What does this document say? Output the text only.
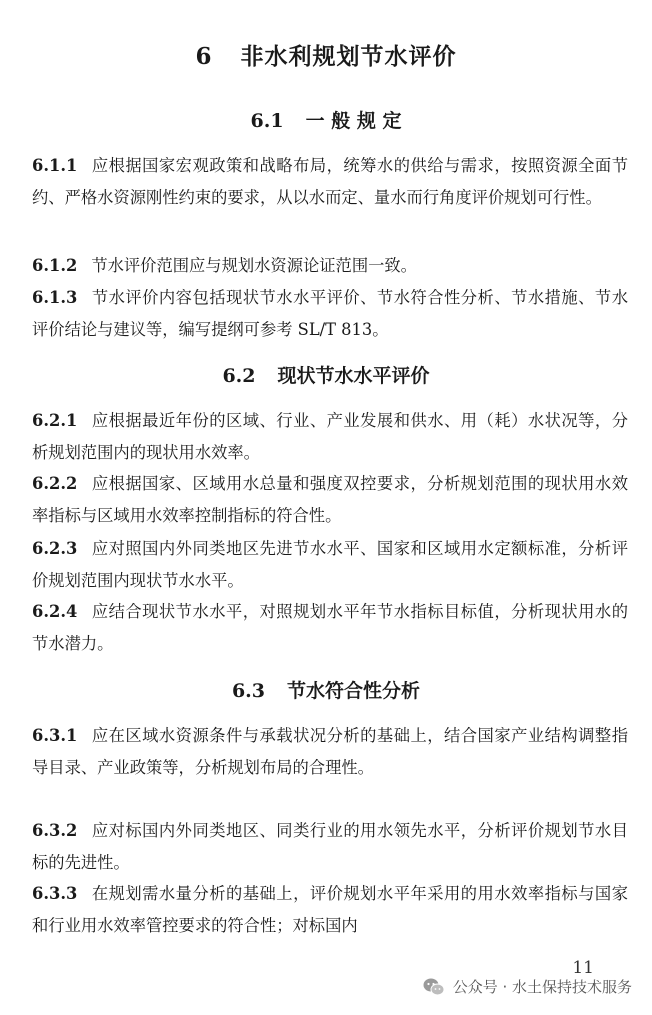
6 非水利规划节水评价
6.1 一 般 规 定
6.1.1 应根据国家宏观政策和战略布局，统筹水的供给与需求，按照资源全面节约、严格水资源刚性约束的要求，从以水而定、量水而行角度评价规划可行性。
6.1.2 节水评价范围应与规划水资源论证范围一致。
6.1.3 节水评价内容包括现状节水水平评价、节水符合性分析、节水措施、节水评价结论与建议等，编写提纲可参考 SL/T 813。
6.2 现状节水水平评价
6.2.1 应根据最近年份的区域、行业、产业发展和供水、用（耗）水状况等，分析规划范围内的现状用水效率。
6.2.2 应根据国家、区域用水总量和强度双控要求，分析规划范围的现状用水效率指标与区域用水效率控制指标的符合性。
6.2.3 应对照国内外同类地区先进节水水平、国家和区域用水定额标准，分析评价规划范围内现状节水水平。
6.2.4 应结合现状节水水平，对照规划水平年节水指标目标值，分析现状用水的节水潜力。
6.3 节水符合性分析
6.3.1 应在区域水资源条件与承载状况分析的基础上，结合国家产业结构调整指导目录、产业政策等，分析规划布局的合理性。
6.3.2 应对标国内外同类地区、同类行业的用水领先水平，分析评价规划节水目标的先进性。
6.3.3 在规划需水量分析的基础上，评价规划水平年采用的用水效率指标与国家和行业用水效率管控要求的符合性；对标国内
11
公众号 · 水土保持技术服务
